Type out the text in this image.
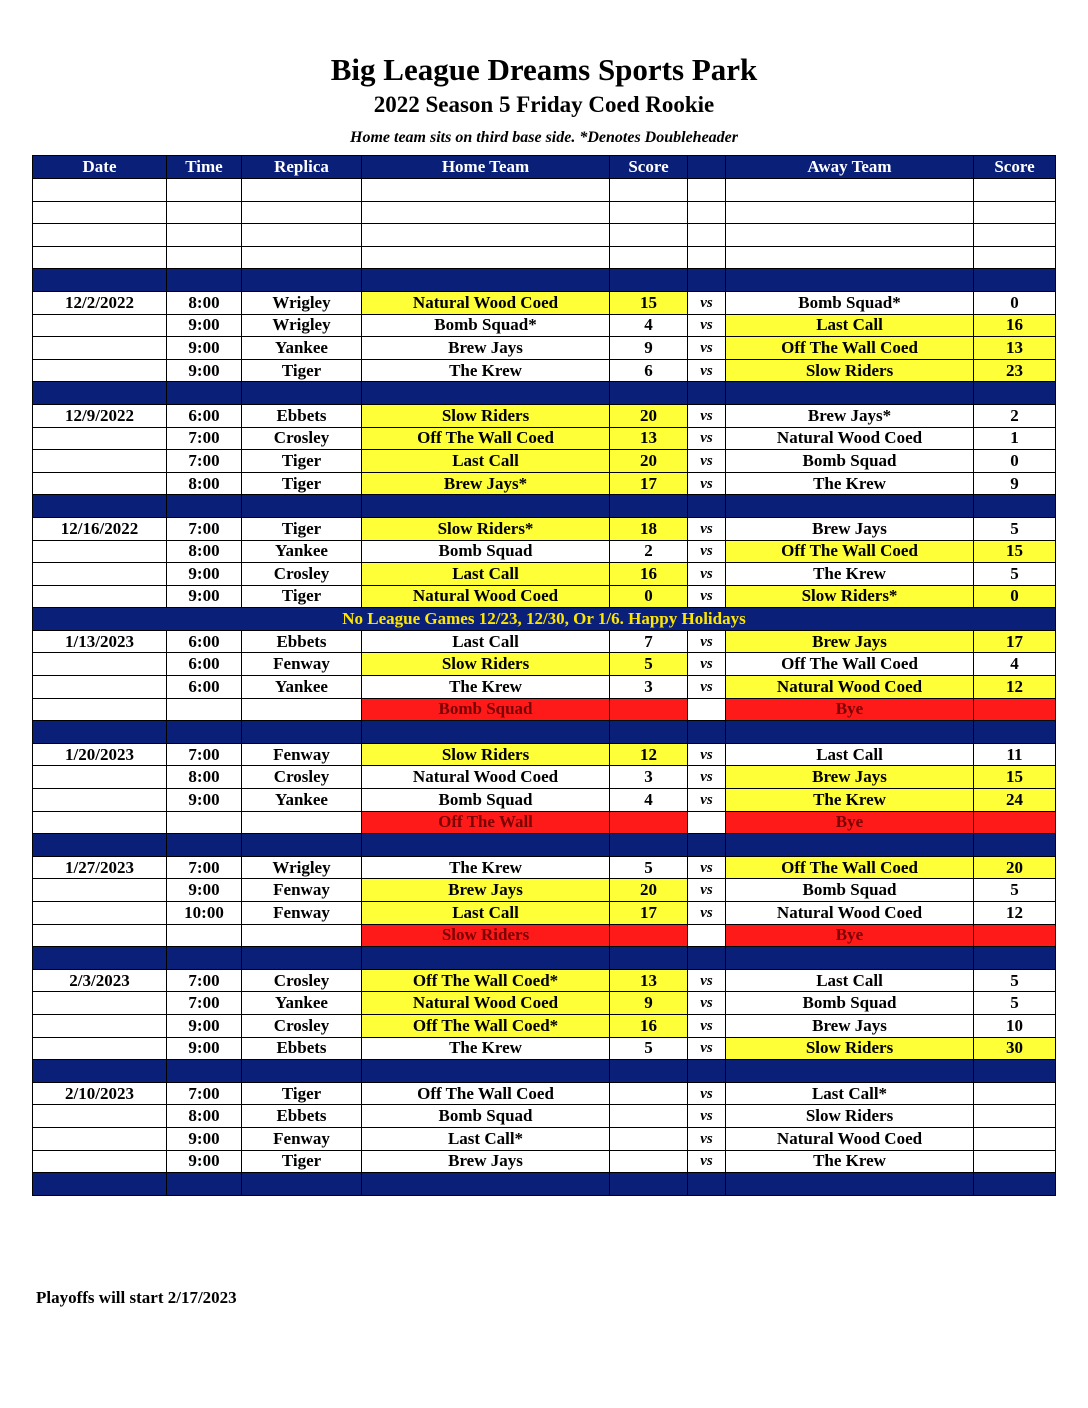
Big League Dreams Sports Park
2022 Season 5 Friday Coed Rookie
Home team sits on third base side. *Denotes Doubleheader
Date	Time	Replica	Home Team	Score		Away Team	Score

12/2/2022	8:00	Wrigley	Natural Wood Coed	15	vs	Bomb Squad*	0
	9:00	Wrigley	Bomb Squad*	4	vs	Last Call	16
	9:00	Yankee	Brew Jays	9	vs	Off The Wall Coed	13
	9:00	Tiger	The Krew	6	vs	Slow Riders	23

12/9/2022	6:00	Ebbets	Slow Riders	20	vs	Brew Jays*	2
	7:00	Crosley	Off The Wall Coed	13	vs	Natural Wood Coed	1
	7:00	Tiger	Last Call	20	vs	Bomb Squad	0
	8:00	Tiger	Brew Jays*	17	vs	The Krew	9

12/16/2022	7:00	Tiger	Slow Riders*	18	vs	Brew Jays	5
	8:00	Yankee	Bomb Squad	2	vs	Off The Wall Coed	15
	9:00	Crosley	Last Call	16	vs	The Krew	5
	9:00	Tiger	Natural Wood Coed	0	vs	Slow Riders*	0
No League Games 12/23, 12/30, Or 1/6. Happy Holidays							
1/13/2023	6:00	Ebbets	Last Call	7	vs	Brew Jays	17
	6:00	Fenway	Slow Riders	5	vs	Off The Wall Coed	4
	6:00	Yankee	The Krew	3	vs	Natural Wood Coed	12
			Bomb Squad			Bye	

1/20/2023	7:00	Fenway	Slow Riders	12	vs	Last Call	11
	8:00	Crosley	Natural Wood Coed	3	vs	Brew Jays	15
	9:00	Yankee	Bomb Squad	4	vs	The Krew	24
			Off The Wall			Bye	

1/27/2023	7:00	Wrigley	The Krew	5	vs	Off The Wall Coed	20
	9:00	Fenway	Brew Jays	20	vs	Bomb Squad	5
	10:00	Fenway	Last Call	17	vs	Natural Wood Coed	12
			Slow Riders			Bye	

2/3/2023	7:00	Crosley	Off The Wall Coed*	13	vs	Last Call	5
	7:00	Yankee	Natural Wood Coed	9	vs	Bomb Squad	5
	9:00	Crosley	Off The Wall Coed*	16	vs	Brew Jays	10
	9:00	Ebbets	The Krew	5	vs	Slow Riders	30

2/10/2023	7:00	Tiger	Off The Wall Coed		vs	Last Call*	
	8:00	Ebbets	Bomb Squad		vs	Slow Riders	
	9:00	Fenway	Last Call*		vs	Natural Wood Coed	
	9:00	Tiger	Brew Jays		vs	The Krew	

Playoffs will start 2/17/2023
